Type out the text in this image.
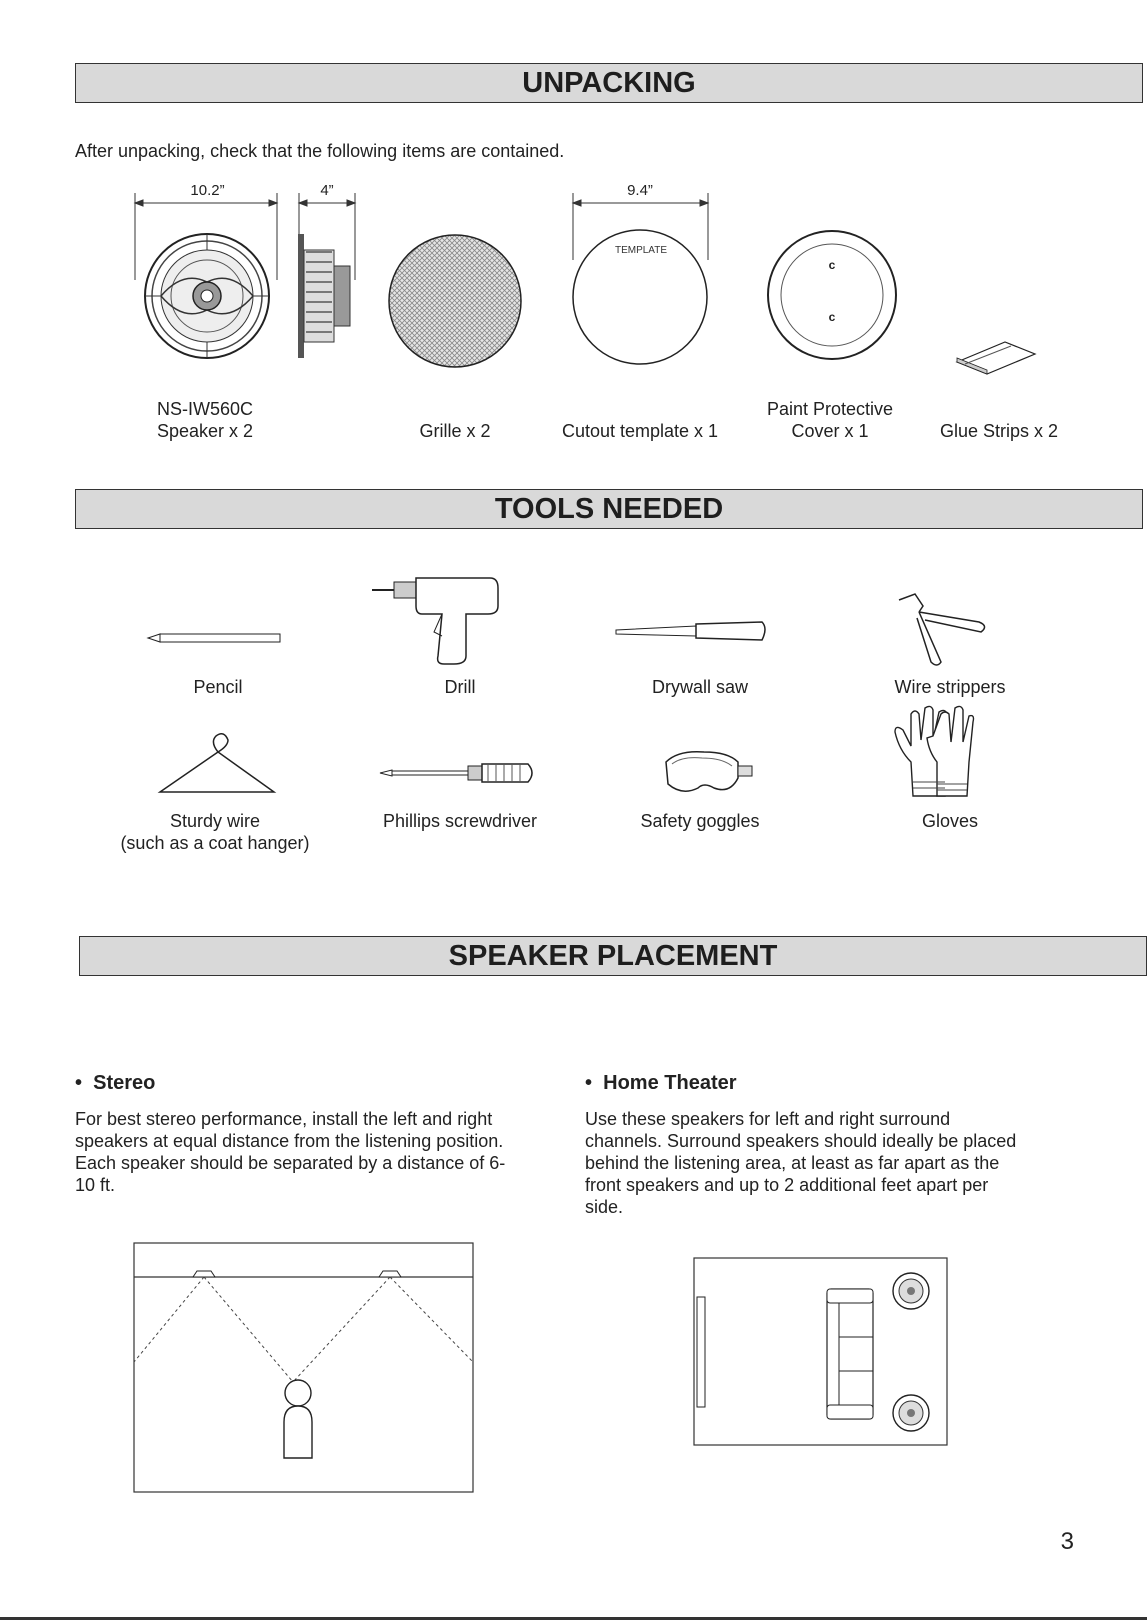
UNPACKING
After unpacking, check that the following items are contained.
10.2”	4”	9.4”
TEMPLATE
c
c
NS-IW560C
Speaker x 2	Grille x 2	Cutout template x 1
Paint Protective
Cover x 1	Glue Strips x 2
TOOLS NEEDED
Pencil	Drill	Drywall saw	Wire strippers
Sturdy wire
(such as a coat hanger)
Phillips screwdriver	Safety goggles	Gloves
SPEAKER PLACEMENT
• Stereo
For best stereo performance, install the left and right
speakers at equal distance from the listening position.
Each speaker should be separated by a distance of 6-
10 ft.
• Home Theater
Use these speakers for left and right surround
channels. Surround speakers should ideally be placed
behind the listening area, at least as far apart as the
front speakers and up to 2 additional feet apart per
side.
3
